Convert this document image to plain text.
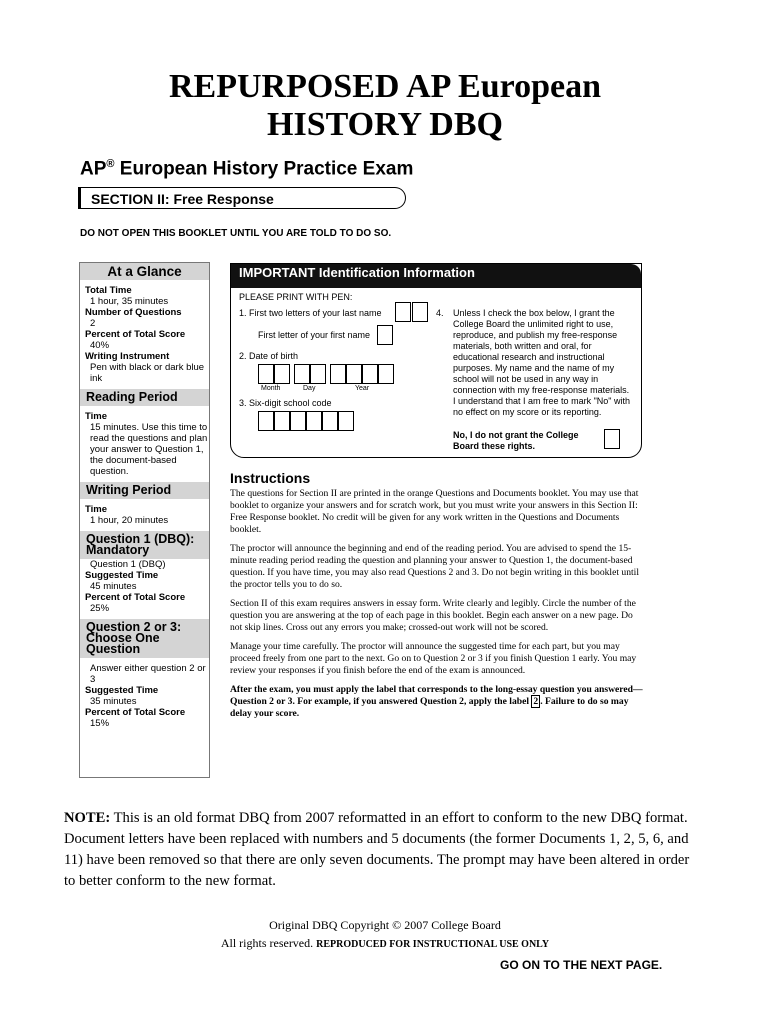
REPURPOSED AP European
HISTORY DBQ
AP® European History Practice Exam
SECTION II: Free Response
DO NOT OPEN THIS BOOKLET UNTIL YOU ARE TOLD TO DO SO.
At a Glance
Total Time
1 hour, 35 minutes
Number of Questions
2
Percent of Total Score
40%
Writing Instrument
Pen with black or dark blue ink
Reading Period
Time
15 minutes. Use this time to read the questions and plan your answer to Question 1, the document-based question.
Writing Period
Time
1 hour, 20 minutes
Question 1 (DBQ): Mandatory
Question 1 (DBQ)
Suggested Time
45 minutes
Percent of Total Score
25%
Question 2 or 3: Choose One Question
Answer either question 2 or 3
Suggested Time
35 minutes
Percent of Total Score
15%
IMPORTANT Identification Information
PLEASE PRINT WITH PEN:
1. First two letters of your last name
First letter of your first name
2. Date of birth
Month	Day	Year
3. Six-digit school code
4. Unless I check the box below, I grant the College Board the unlimited right to use, reproduce, and publish my free-response materials, both written and oral, for educational research and instructional purposes. My name and the name of my school will not be used in any way in connection with my free-response materials. I understand that I am free to mark "No" with no effect on my score or its reporting.
No, I do not grant the College Board these rights.
Instructions

The questions for Section II are printed in the orange Questions and Documents booklet. You may use that booklet to organize your answers and for scratch work, but you must write your answers in this Section II: Free Response booklet. No credit will be given for any work written in the Questions and Documents booklet.

The proctor will announce the beginning and end of the reading period. You are advised to spend the 15-minute reading period reading the question and planning your answer to Question 1, the document-based question. If you have time, you may also read Questions 2 and 3. Do not begin writing in this booklet until the proctor tells you to do so.

Section II of this exam requires answers in essay form. Write clearly and legibly. Circle the number of the question you are answering at the top of each page in this booklet. Begin each answer on a new page. Do not skip lines. Cross out any errors you make; crossed-out work will not be scored.

Manage your time carefully. The proctor will announce the suggested time for each part, but you may proceed freely from one part to the next. Go on to Question 2 or 3 if you finish Question 1 early. You may review your responses if you finish before the end of the exam is announced.

After the exam, you must apply the label that corresponds to the long-essay question you answered—Question 2 or 3. For example, if you answered Question 2, apply the label 2 . Failure to do so may delay your score.

NOTE: This is an old format DBQ from 2007 reformatted in an effort to conform to the new DBQ format. Document letters have been replaced with numbers and 5 documents (the former Documents 1, 2, 5, 6, and 11) have been removed so that there are only seven documents. The prompt may have been altered in order to better conform to the new format.
Original DBQ Copyright © 2007 College Board
All rights reserved. REPRODUCED FOR INSTRUCTIONAL USE ONLY
GO ON TO THE NEXT PAGE.
